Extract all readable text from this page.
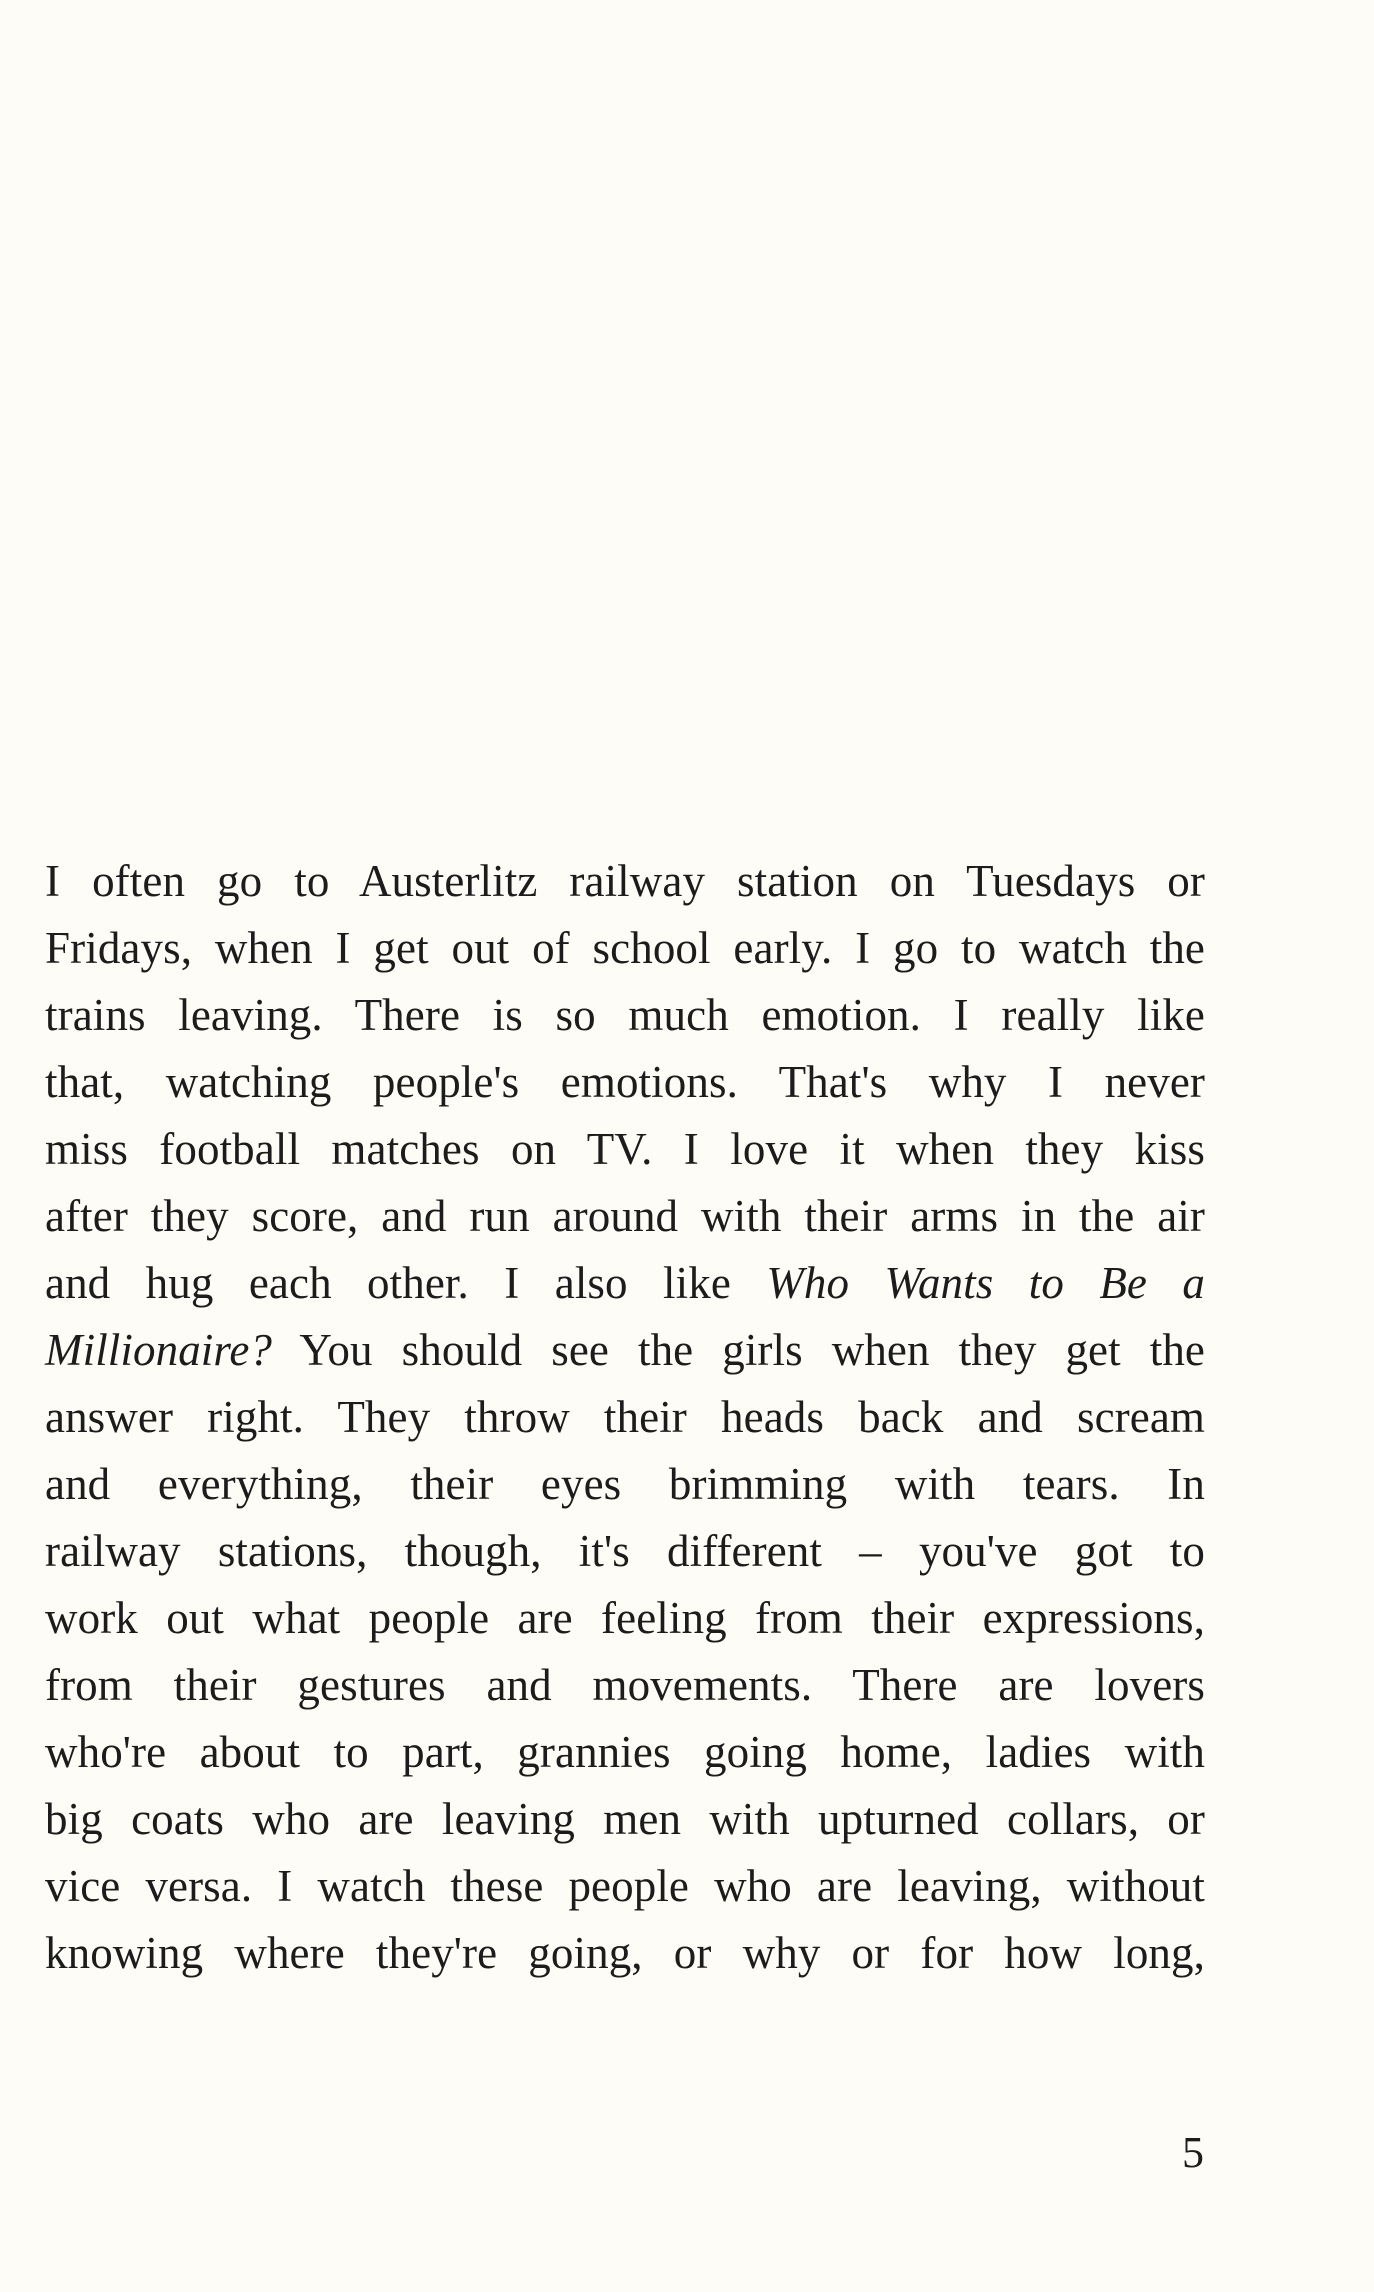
I often go to Austerlitz railway station on Tuesdays or
Fridays, when I get out of school early. I go to watch the
trains leaving. There is so much emotion. I really like
that, watching people's emotions. That's why I never
miss football matches on TV. I love it when they kiss
after they score, and run around with their arms in the air
and hug each other. I also like Who Wants to Be a
Millionaire? You should see the girls when they get the
answer right. They throw their heads back and scream
and everything, their eyes brimming with tears. In
railway stations, though, it's different – you've got to
work out what people are feeling from their expressions,
from their gestures and movements. There are lovers
who're about to part, grannies going home, ladies with
big coats who are leaving men with upturned collars, or
vice versa. I watch these people who are leaving, without
knowing where they're going, or why or for how long,
5
